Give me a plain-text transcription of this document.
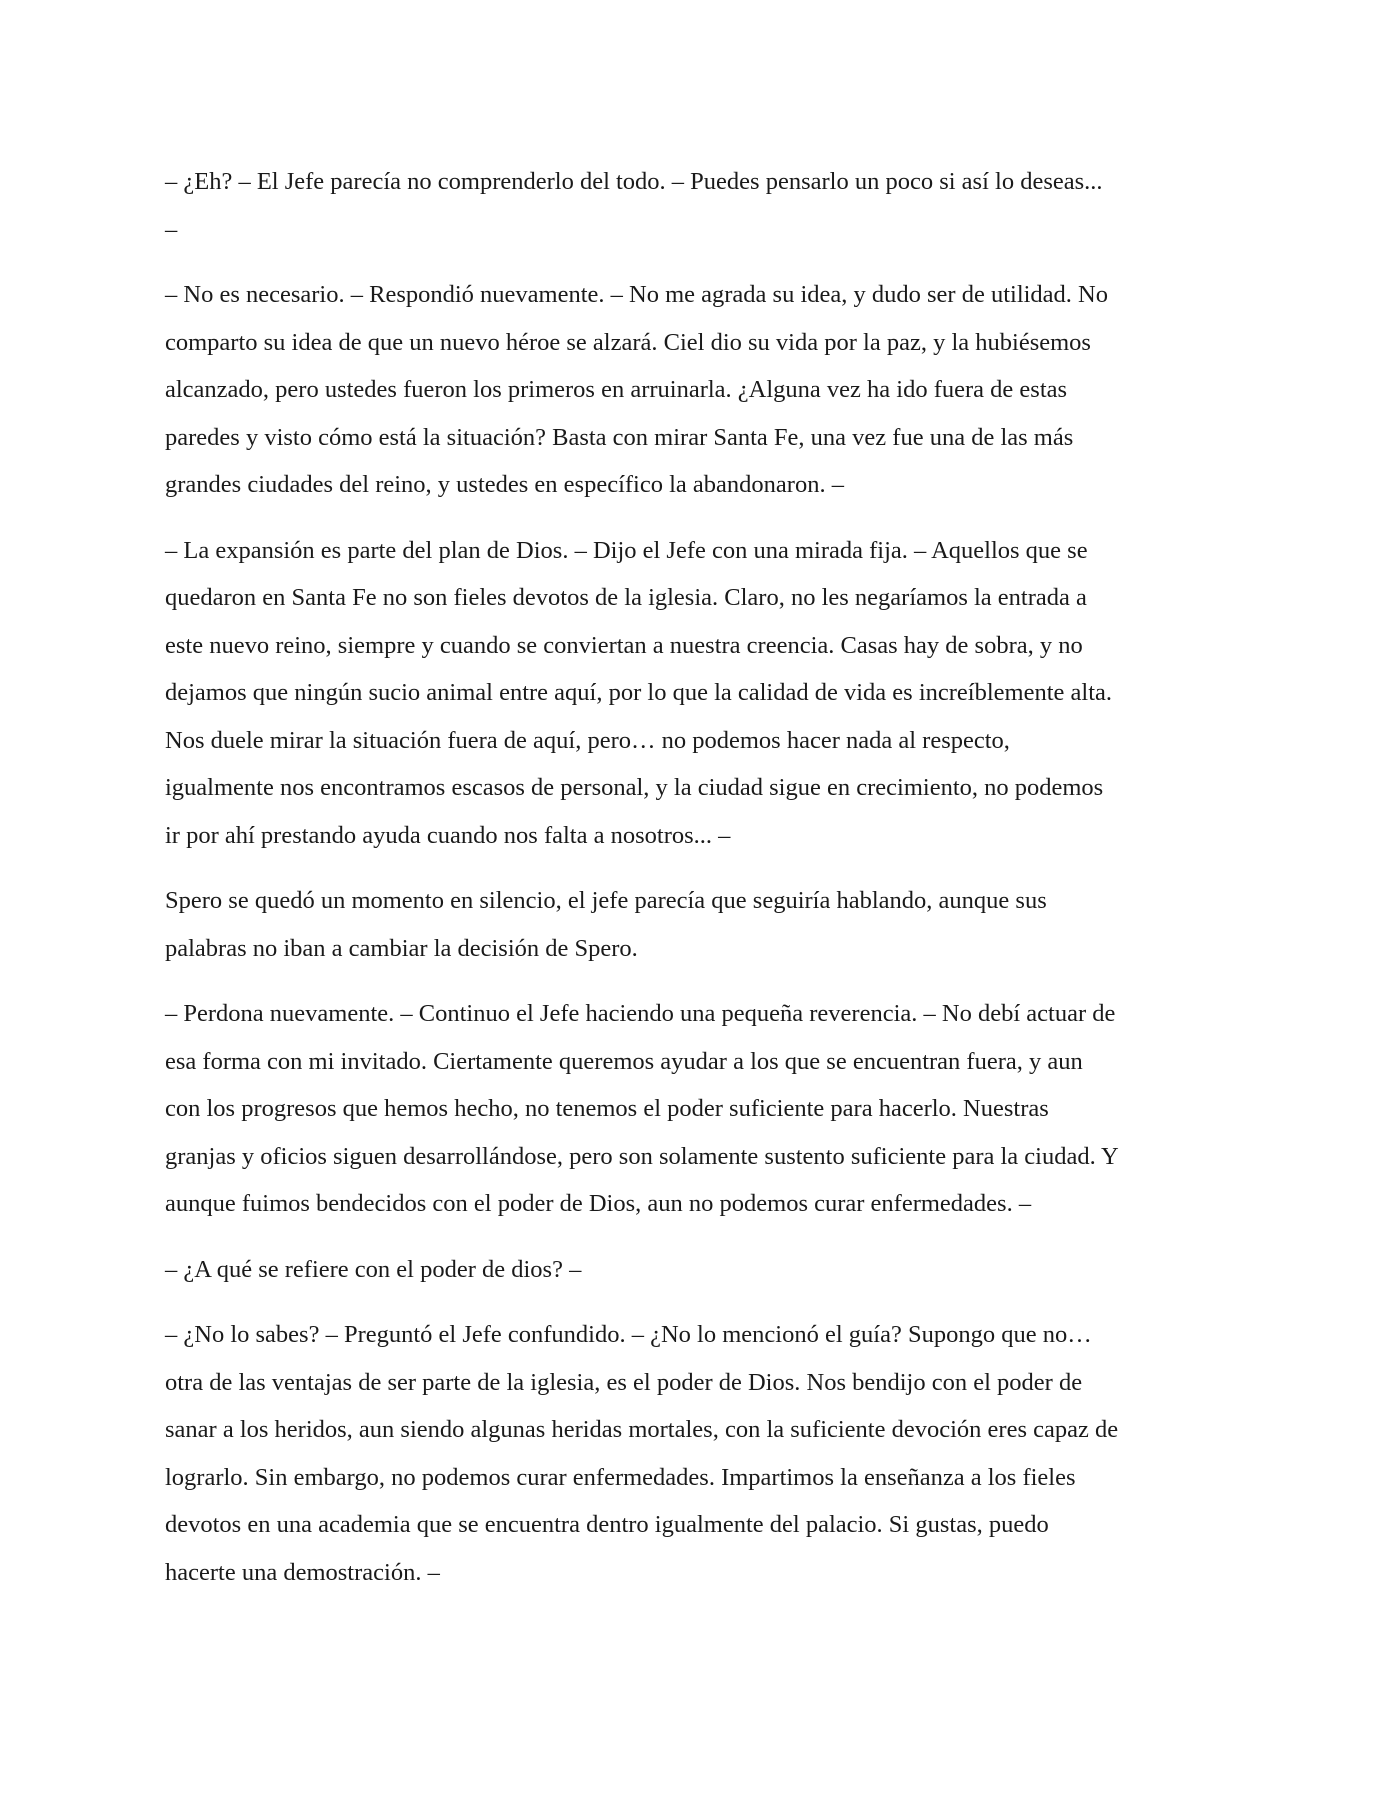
– ¿Eh? – El Jefe parecía no comprenderlo del todo. – Puedes pensarlo un poco si así lo deseas...
–

– No es necesario. – Respondió nuevamente. – No me agrada su idea, y dudo ser de utilidad. No
comparto su idea de que un nuevo héroe se alzará. Ciel dio su vida por la paz, y la hubiésemos
alcanzado, pero ustedes fueron los primeros en arruinarla. ¿Alguna vez ha ido fuera de estas
paredes y visto cómo está la situación? Basta con mirar Santa Fe, una vez fue una de las más
grandes ciudades del reino, y ustedes en específico la abandonaron. –

– La expansión es parte del plan de Dios. – Dijo el Jefe con una mirada fija. – Aquellos que se
quedaron en Santa Fe no son fieles devotos de la iglesia. Claro, no les negaríamos la entrada a
este nuevo reino, siempre y cuando se conviertan a nuestra creencia. Casas hay de sobra, y no
dejamos que ningún sucio animal entre aquí, por lo que la calidad de vida es increíblemente alta.
Nos duele mirar la situación fuera de aquí, pero… no podemos hacer nada al respecto,
igualmente nos encontramos escasos de personal, y la ciudad sigue en crecimiento, no podemos
ir por ahí prestando ayuda cuando nos falta a nosotros... –

Spero se quedó un momento en silencio, el jefe parecía que seguiría hablando, aunque sus
palabras no iban a cambiar la decisión de Spero.

– Perdona nuevamente. – Continuo el Jefe haciendo una pequeña reverencia. – No debí actuar de
esa forma con mi invitado. Ciertamente queremos ayudar a los que se encuentran fuera, y aun
con los progresos que hemos hecho, no tenemos el poder suficiente para hacerlo. Nuestras
granjas y oficios siguen desarrollándose, pero son solamente sustento suficiente para la ciudad. Y
aunque fuimos bendecidos con el poder de Dios, aun no podemos curar enfermedades. –

– ¿A qué se refiere con el poder de dios? –

– ¿No lo sabes? – Preguntó el Jefe confundido. – ¿No lo mencionó el guía? Supongo que no…
otra de las ventajas de ser parte de la iglesia, es el poder de Dios. Nos bendijo con el poder de
sanar a los heridos, aun siendo algunas heridas mortales, con la suficiente devoción eres capaz de
lograrlo. Sin embargo, no podemos curar enfermedades. Impartimos la enseñanza a los fieles
devotos en una academia que se encuentra dentro igualmente del palacio. Si gustas, puedo
hacerte una demostración. –
